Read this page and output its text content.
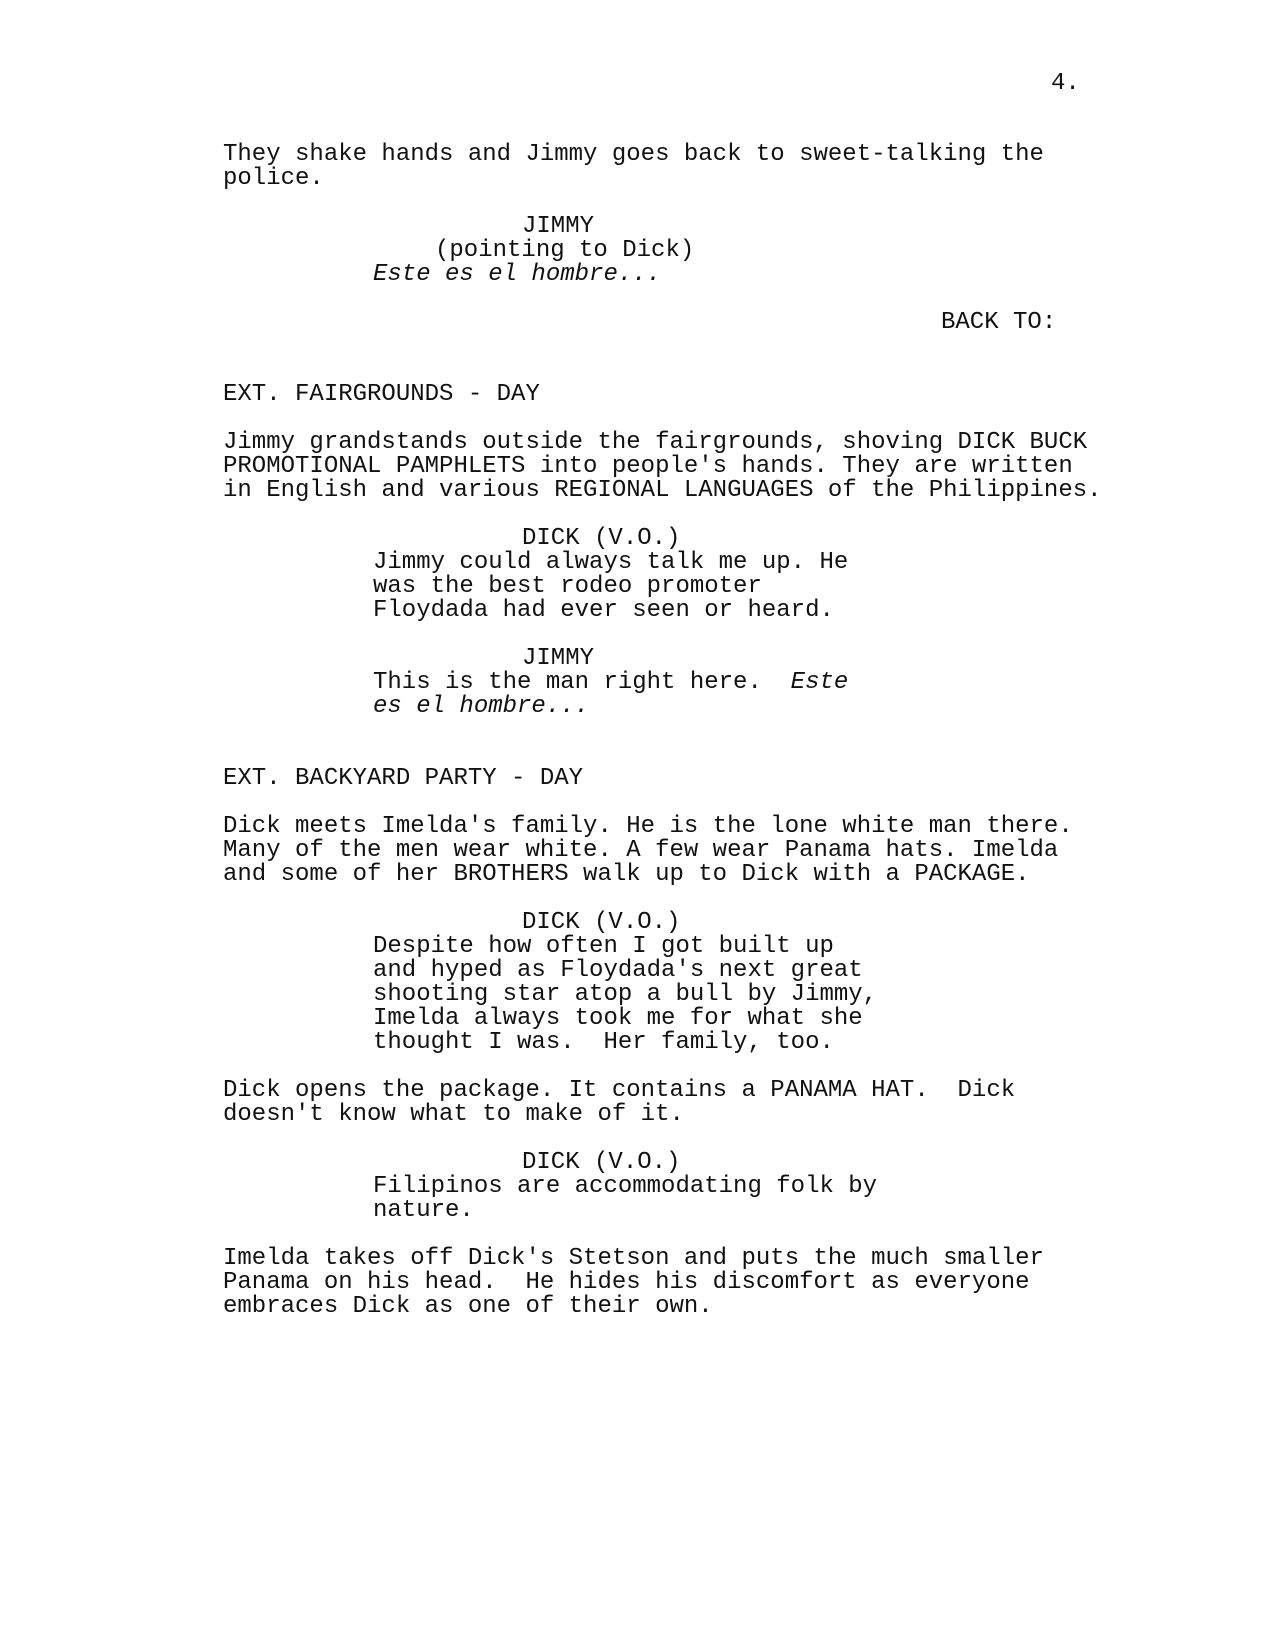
4.
They shake hands and Jimmy goes back to sweet-talking the
police.
JIMMY
(pointing to Dick)
Este es el hombre...
BACK TO:
EXT. FAIRGROUNDS - DAY
Jimmy grandstands outside the fairgrounds, shoving DICK BUCK
PROMOTIONAL PAMPHLETS into people's hands. They are written
in English and various REGIONAL LANGUAGES of the Philippines.
DICK (V.O.)
Jimmy could always talk me up. He
was the best rodeo promoter
Floydada had ever seen or heard.
JIMMY
This is the man right here.  Este
es el hombre...
EXT. BACKYARD PARTY - DAY
Dick meets Imelda's family. He is the lone white man there.
Many of the men wear white. A few wear Panama hats. Imelda
and some of her BROTHERS walk up to Dick with a PACKAGE.
DICK (V.O.)
Despite how often I got built up
and hyped as Floydada's next great
shooting star atop a bull by Jimmy,
Imelda always took me for what she
thought I was.  Her family, too.
Dick opens the package. It contains a PANAMA HAT.  Dick
doesn't know what to make of it.
DICK (V.O.)
Filipinos are accommodating folk by
nature.
Imelda takes off Dick's Stetson and puts the much smaller
Panama on his head.  He hides his discomfort as everyone
embraces Dick as one of their own.
